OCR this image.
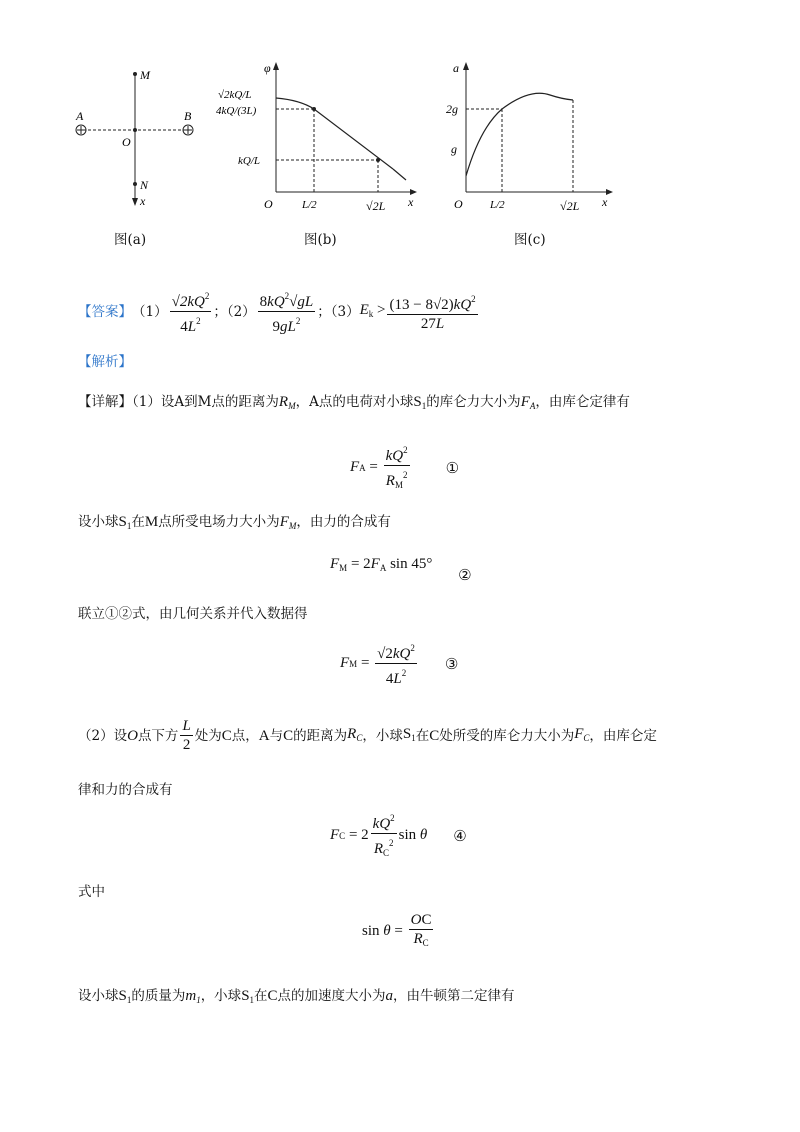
M
N
A	B
O
x
图(a)
φ
x
O
√2kQ/L
4kQ/(3L)
kQ/L
L/2	√2L
图(b)
a
x
O
2g
g
L/2	√2L
图(c)
【答案】 $(1) \frac{√2kQ^2}{4L^2}$ ；$(2) \frac{8kQ^2√gL}{9gL^2}$ ；（3） $E_k > \frac{(13 - 8√2)kQ^2}{27L}$
【解析】
【详解】（1）设A到M点的距离为$R_M$，A点的电荷对小球$S_1$的库仑力大小为$F_A$，由库仑定律有
F $A = \frac{kQ^2}{R_M^2}$ ①
设小球$S_1$在M点所受电场力大小为$F_M$，由力的合成有
$F_M = 2F_A$ sin 45° ②
联立①②式，由几何关系并代入数据得
F $M = \frac{√2kQ^2}{4L^2}$ ③
（2）设 O 点下方 $\frac{L}{2}$ 处为 C 点， A 与 C 的距离为 $R_C$ ，小球 $S_1$ 在 C 处所受的库仑力大小为 $F_C$ ，由库仑定
律和力的合成有
F $C = 2 \frac{kQ^2}{R_C^2}$ sin θ ④
式中
$\sin \theta = \frac{OC}{R_C}$
设小球$S_1$的质量为$m_1$，小球$S_1$在C点的加速度大小为a，由牛顿第二定律有
